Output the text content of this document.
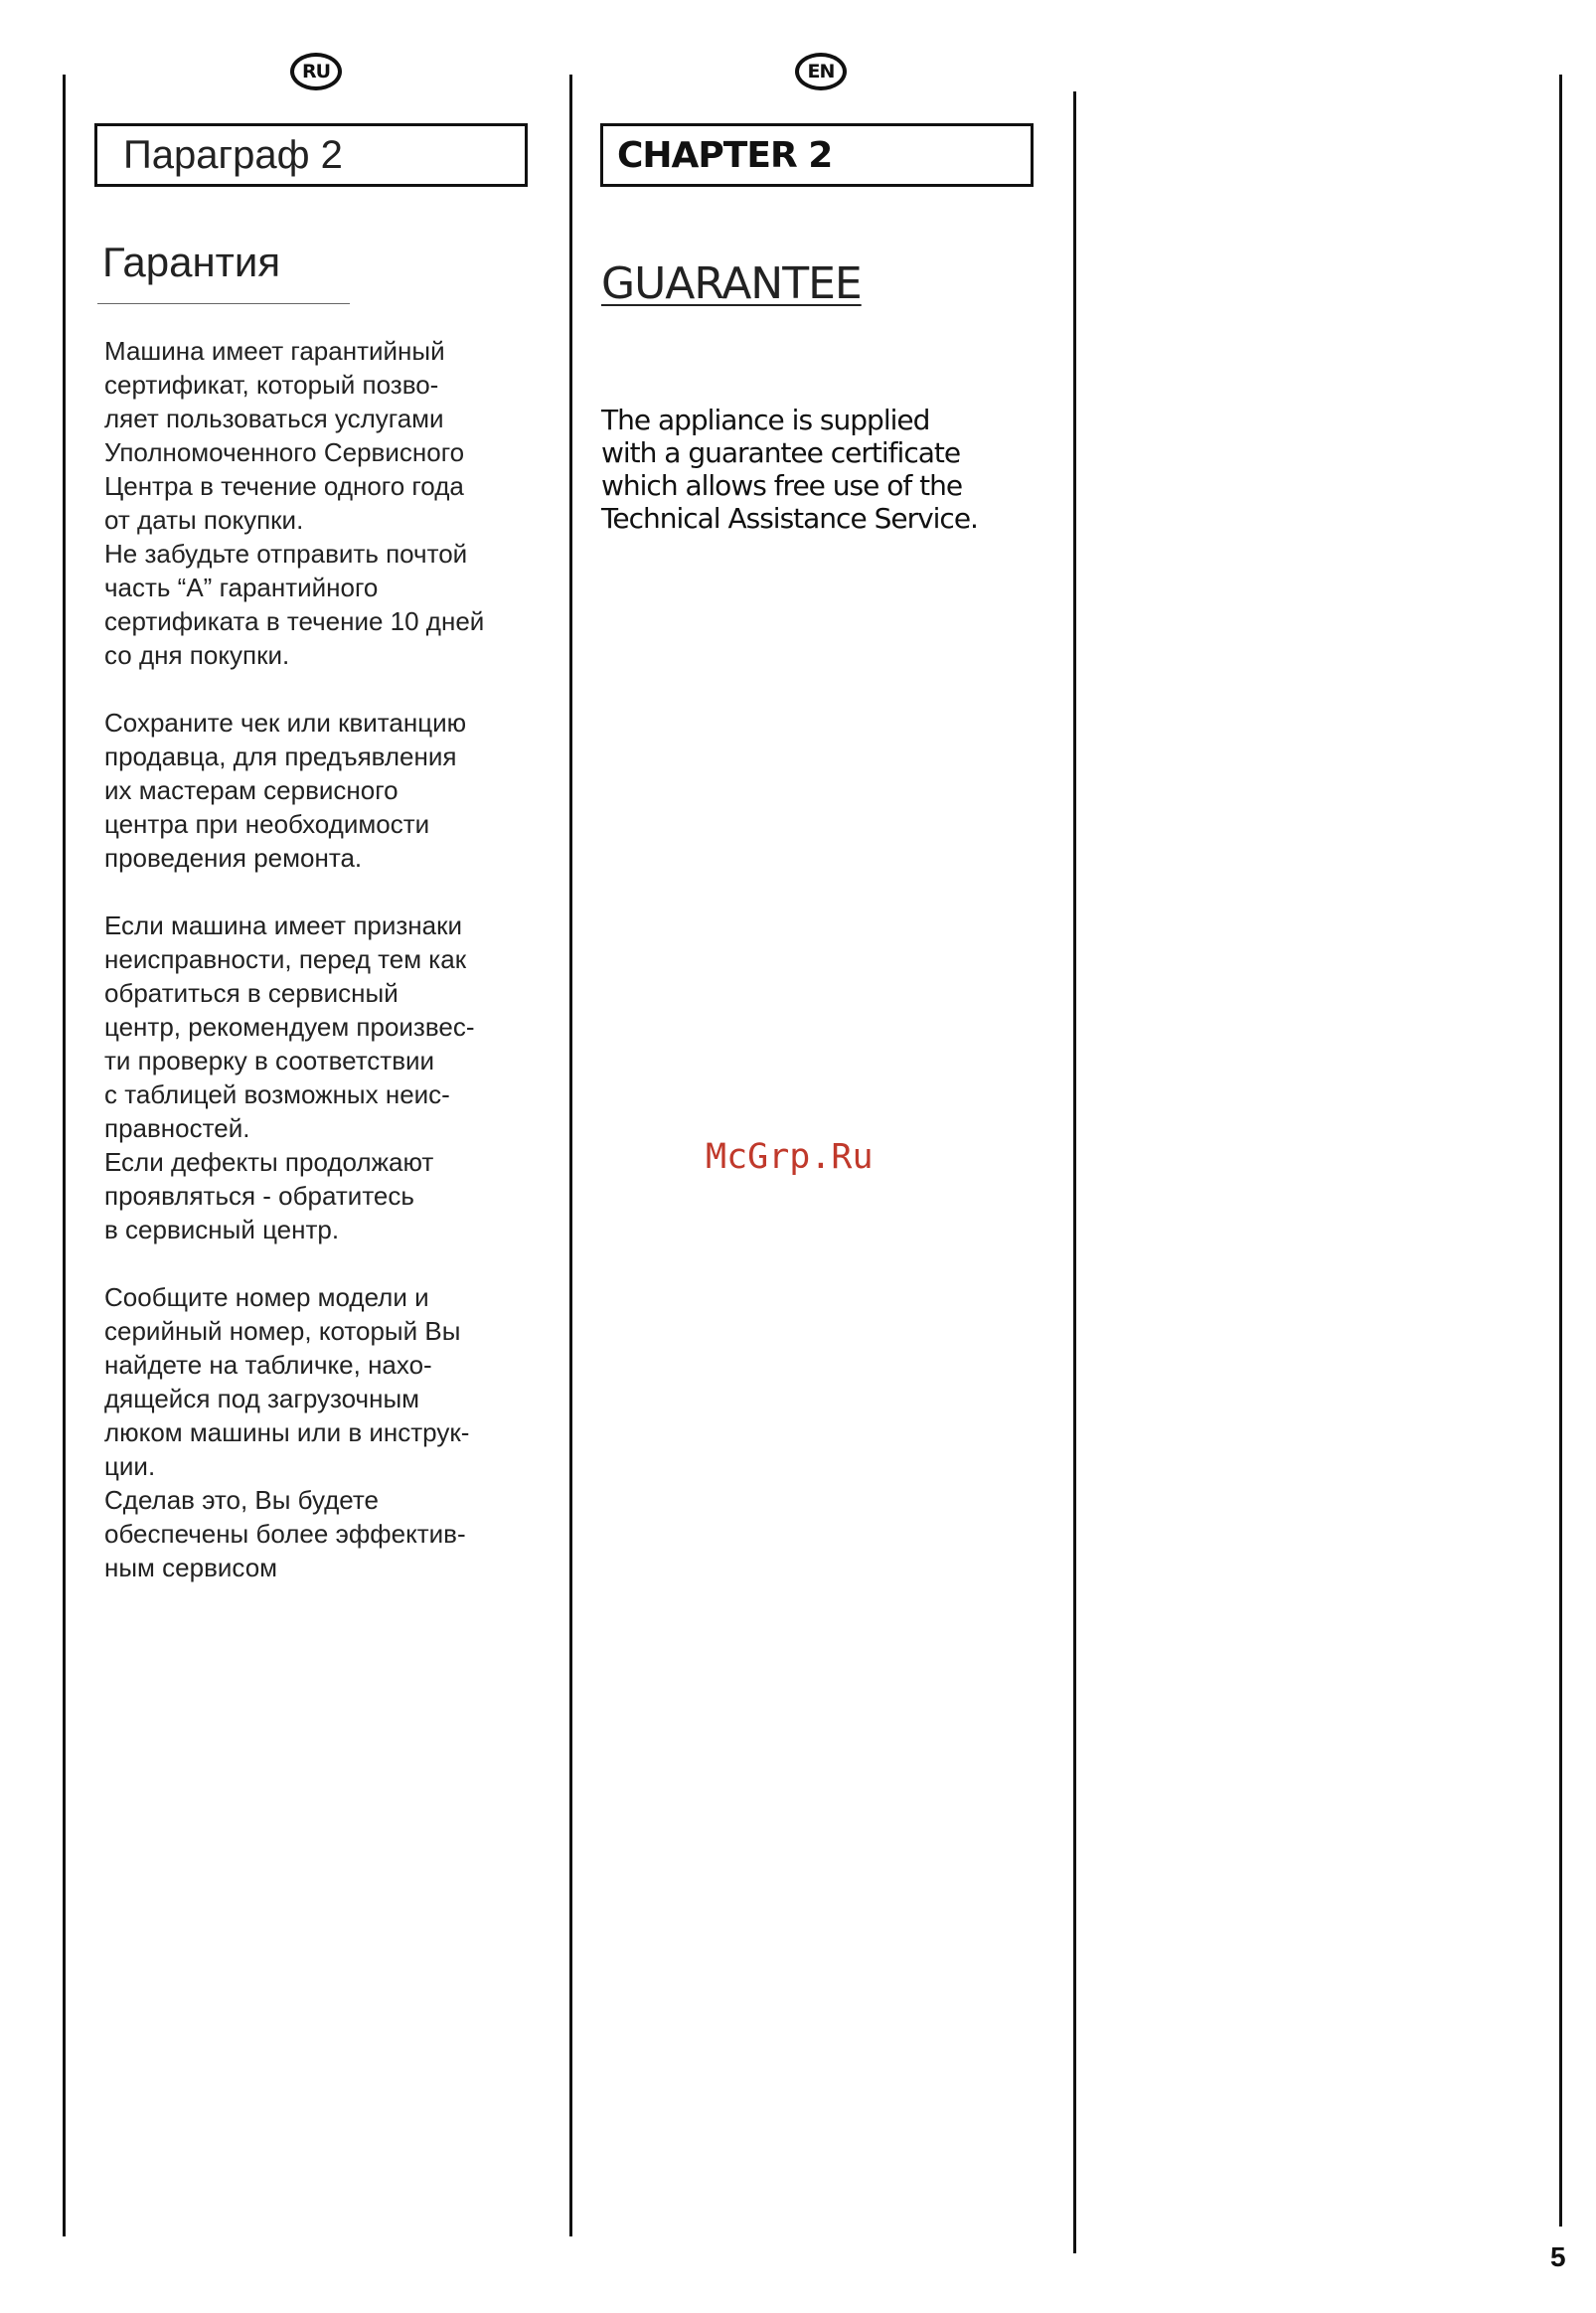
RU
Параграф 2
Гарантия

Машина имеет гарантийный
сертификат, который позво-
ляет пользоваться услугами
Уполномоченного Сервисного
Центра в течение одного года
от даты покупки.
Не забудьте отправить почтой
часть “A” гарантийного
сертификата в течение 10 дней
со дня покупки.

Сохраните чек или квитанцию
продавца, для предъявления
их мастерам сервисного
центра при необходимости
проведения ремонта.

Если машина имеет признаки
неисправности, перед тем как
обратиться в сервисный
центр, рекомендуем произвес-
ти проверку в соответствии
с таблицей возможных неис-
правностей.
Если дефекты продолжают
проявляться - обратитесь
в сервисный центр.

Сообщите номер модели и
серийный номер, который Вы
найдете на табличке, нахо-
дящейся под загрузочным
люком машины или в инструк-
ции.
Сделав это, Вы будете
обеспечены более эффектив-
ным сервисом

EN
CHAPTER 2
GUARANTEE
The appliance is supplied
with a guarantee certificate
which allows free use of the
Technical Assistance Service.
McGrp.Ru
5
